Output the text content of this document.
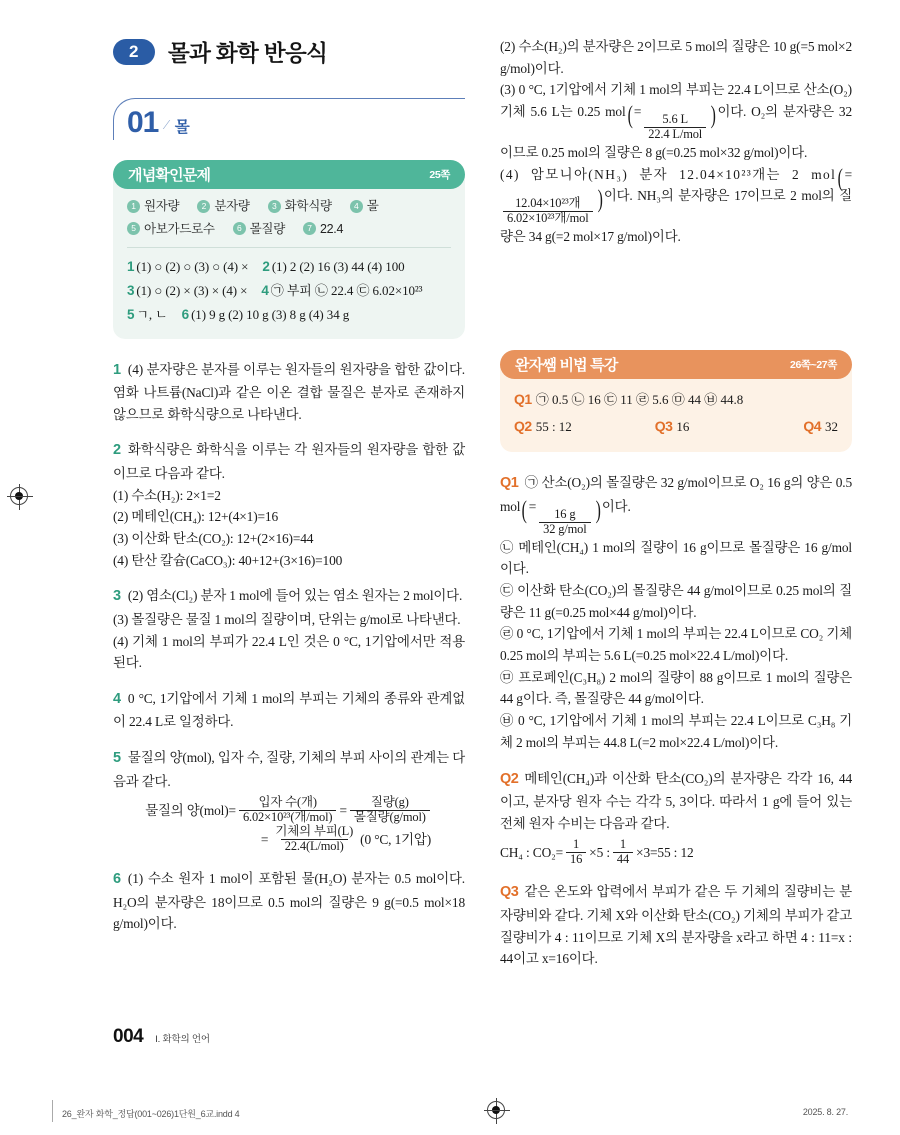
2	몰과 화학 반응식
01 ⁄ 몰
개념확인문제	25쪽
1 원자량	2 분자량	3 화학식량	4 몰
5 아보가드로수	6 몰질량	7 22.4
1 (1) ○ (2) ○ (3) ○ (4) × 2 (1) 2 (2) 16 (3) 44 (4) 100
3 (1) ○ (2) × (3) × (4) × 4 ㉠ 부피 ㉡ 22.4 ㉢ 6.02×10²³
5 ㄱ, ㄴ 6 (1) 9 g (2) 10 g (3) 8 g (4) 34 g

1 (4) 분자량은 분자를 이루는 원자들의 원자량을 합한 값이다. 염화 나트륨(NaCl)과 같은 이온 결합 물질은 분자로 존재하지 않으므로 화학식량으로 나타낸다.

2 화학식량은 화학식을 이루는 각 원자들의 원자량을 합한 값이므로 다음과 같다.

(1) 수소(H₂): 2×1=2

(2) 메테인(CH₄): 12+(4×1)=16

(3) 이산화 탄소(CO₂): 12+(2×16)=44

(4) 탄산 칼슘(CaCO₃): 40+12+(3×16)=100

3 (2) 염소(Cl₂) 분자 1 mol에 들어 있는 염소 원자는 2 mol이다.

(3) 몰질량은 물질 1 mol의 질량이며, 단위는 g/mol로 나타낸다.

(4) 기체 1 mol의 부피가 22.4 L인 것은 0 °C, 1기압에서만 적용된다.

4 0 °C, 1기압에서 기체 1 mol의 부피는 기체의 종류와 관계없이 22.4 L로 일정하다.

5 물질의 양(mol), 입자 수, 질량, 기체의 부피 사이의 관계는 다음과 같다.

물질의 양$(mol)= \frac{\text{입자 수(개)}}{\text{6.02×10²³(개/mol)}} = \frac{\text{질량(g)}}{\text{몰질량(g/mol)}}$
= $\frac{\text{기체의 부피(L)}}{\text{22.4(L/mol)}} (0$ °C, 1기압)

6 (1) 수소 원자 1 mol이 포함된 물(H₂O) 분자는 0.5 mol이다. H₂O의 분자량은 18이므로 0.5 mol의 질량은 9 g(=0.5 mol×18 g/mol)이다.

(2) 수소(H₂)의 분자량은 2이므로 5 mol의 질량은 10 g(=5 mol×2 g/mol)이다.

(3) 0 °C, 1기압에서 기체 1 mol의 부피는 22.4 L이므로 산소(O₂) 기체 5.6 L는 0.25 mol( =
$\frac{5.6 L}{\text{22.4 L/mol}}$ ) 이다. O₂의 분자량은 32이므로 0.25 mol의 질량은 8 g(=0.25 mol×32 g/mol)이다.

(4) 암모니아(NH₃) 분자 12.04×10²³개는 2 mol( =
$\frac{\text{12.04×10²³개}}{\text{6.02×10²³개/mol}}$ ) 이다. NH₃의 분자량은 17이므로 2 mol의 질량은 34 g(=2 mol×17 g/mol)이다.

완자쌤 비법 특강	26쪽~27쪽
Q1 ㉠ 0.5 ㉡ 16 ㉢ 11 ㉣ 5.6 ㉤ 44 ㉥ 44.8
Q2 55 : 12	Q3 16	Q4 32

Q1 ㉠ 산소(O₂)의 몰질량은 32 g/mol이므로 O₂ 16 g의 양은 0.5 mol( =
$\frac{16 g}{\text{32 g/mol}}$ ) 이다.

㉡ 메테인(CH₄) 1 mol의 질량이 16 g이므로 몰질량은 16 g/mol이다.

㉢ 이산화 탄소(CO₂)의 몰질량은 44 g/mol이므로 0.25 mol의 질량은 11 g(=0.25 mol×44 g/mol)이다.

㉣ 0 °C, 1기압에서 기체 1 mol의 부피는 22.4 L이므로 CO₂ 기체 0.25 mol의 부피는 5.6 L(=0.25 mol×22.4 L/mol)이다.

㉤ 프로페인(C₃H₈) 2 mol의 질량이 88 g이므로 1 mol의 질량은 44 g이다. 즉, 몰질량은 44 g/mol이다.

㉥ 0 °C, 1기압에서 기체 1 mol의 부피는 22.4 L이므로 C₃H₈ 기체 2 mol의 부피는 44.8 L(=2 mol×22.4 L/mol)이다.

Q2 메테인(CH₄)과 이산화 탄소(CO₂)의 분자량은 각각 16, 44이고, 분자당 원자 수는 각각 5, 3이다. 따라서 1 g에 들어 있는 전체 원자 수비는 다음과 같다.

CH₄ : $CO_2= \frac{1}{16} \times 5$ : $\frac{1}{44} \times 3=55$ : 12

Q3 같은 온도와 압력에서 부피가 같은 두 기체의 질량비는 분자량비와 같다. 기체 X와 이산화 탄소(CO₂) 기체의 부피가 같고 질량비가 4 : 11이므로 기체 X의 분자량을 x라고 하면 4 : 11=x : 44이고 x=16이다.

004 I. 화학의 언어
26_완자 화학_정답(001~026)1단원_6교.indd 4	2025. 8. 27.
